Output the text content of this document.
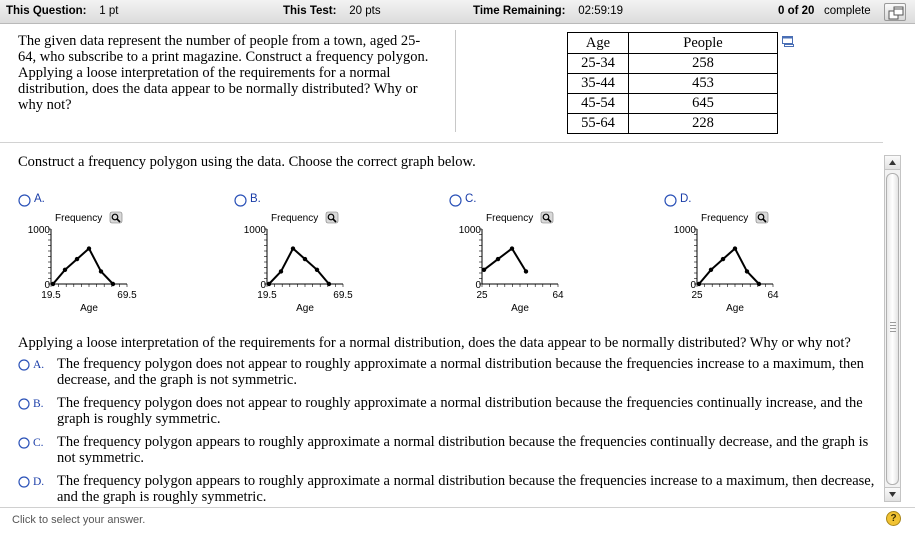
This Question: 1 pt	This Test: 20 pts	Time Remaining: 02:59:19	0 of 20 complete
The given data represent the number of people from a town, aged 25-64, who subscribe to a print magazine. Construct a frequency polygon. Applying a loose interpretation of the requirements for a normal distribution, does the data appear to be normally distributed? Why or why not?
Age	People
25-34	258
35-44	453
45-54	645
55-64	228
Construct a frequency polygon using the data. Choose the correct graph below.
A.
Frequency
1000
0
19.5	69.5
Age
B.
Frequency
1000
0
19.5	69.5
Age
C.
Frequency
1000
0
25	64
Age
D.
Frequency
1000
0
25	64
Age
Applying a loose interpretation of the requirements for a normal distribution, does the data appear to be normally distributed? Why or why not?
A. The frequency polygon does not appear to roughly approximate a normal distribution because the frequencies increase to a maximum, then decrease, and the graph is not symmetric.
B. The frequency polygon does not appear to roughly approximate a normal distribution because the frequencies continually increase, and the graph is roughly symmetric.
C. The frequency polygon appears to roughly approximate a normal distribution because the frequencies continually decrease, and the graph is not symmetric.
D. The frequency polygon appears to roughly approximate a normal distribution because the frequencies increase to a maximum, then decrease, and the graph is roughly symmetric.
Click to select your answer.	?
